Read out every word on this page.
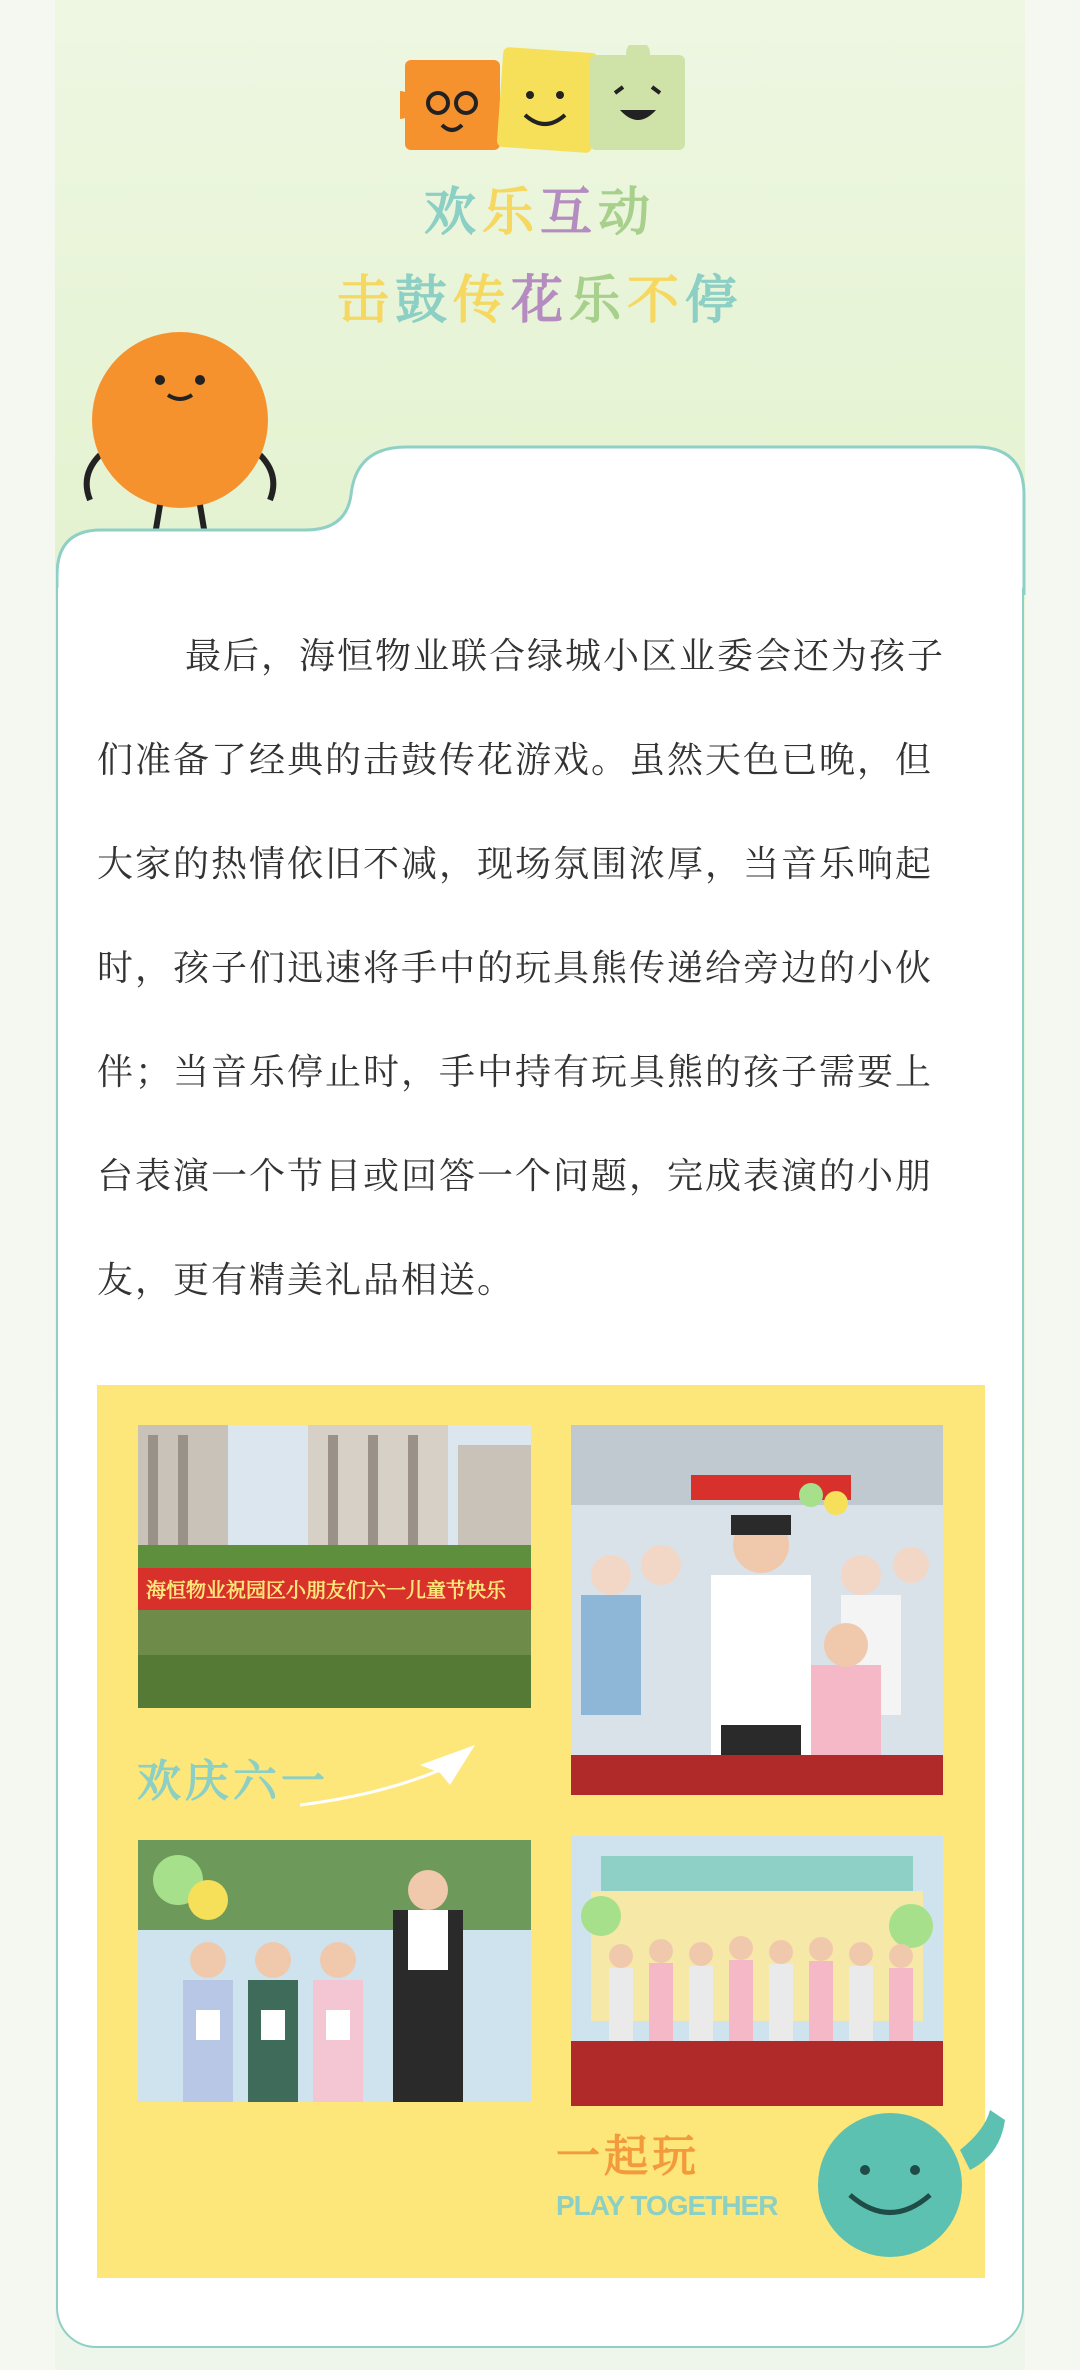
欢乐互动
击鼓传花乐不停

最后，海恒物业联合绿城小区业委会还为孩子们准备了经典的击鼓传花游戏。虽然天色已晚，但大家的热情依旧不减，现场氛围浓厚，当音乐响起时，孩子们迅速将手中的玩具熊传递给旁边的小伙伴；当音乐停止时，手中持有玩具熊的孩子需要上台表演一个节目或回答一个问题，完成表演的小朋友，更有精美礼品相送。

海恒物业祝园区小朋友们六一儿童节快乐
欢庆六一
一起玩
PLAY TOGETHER
